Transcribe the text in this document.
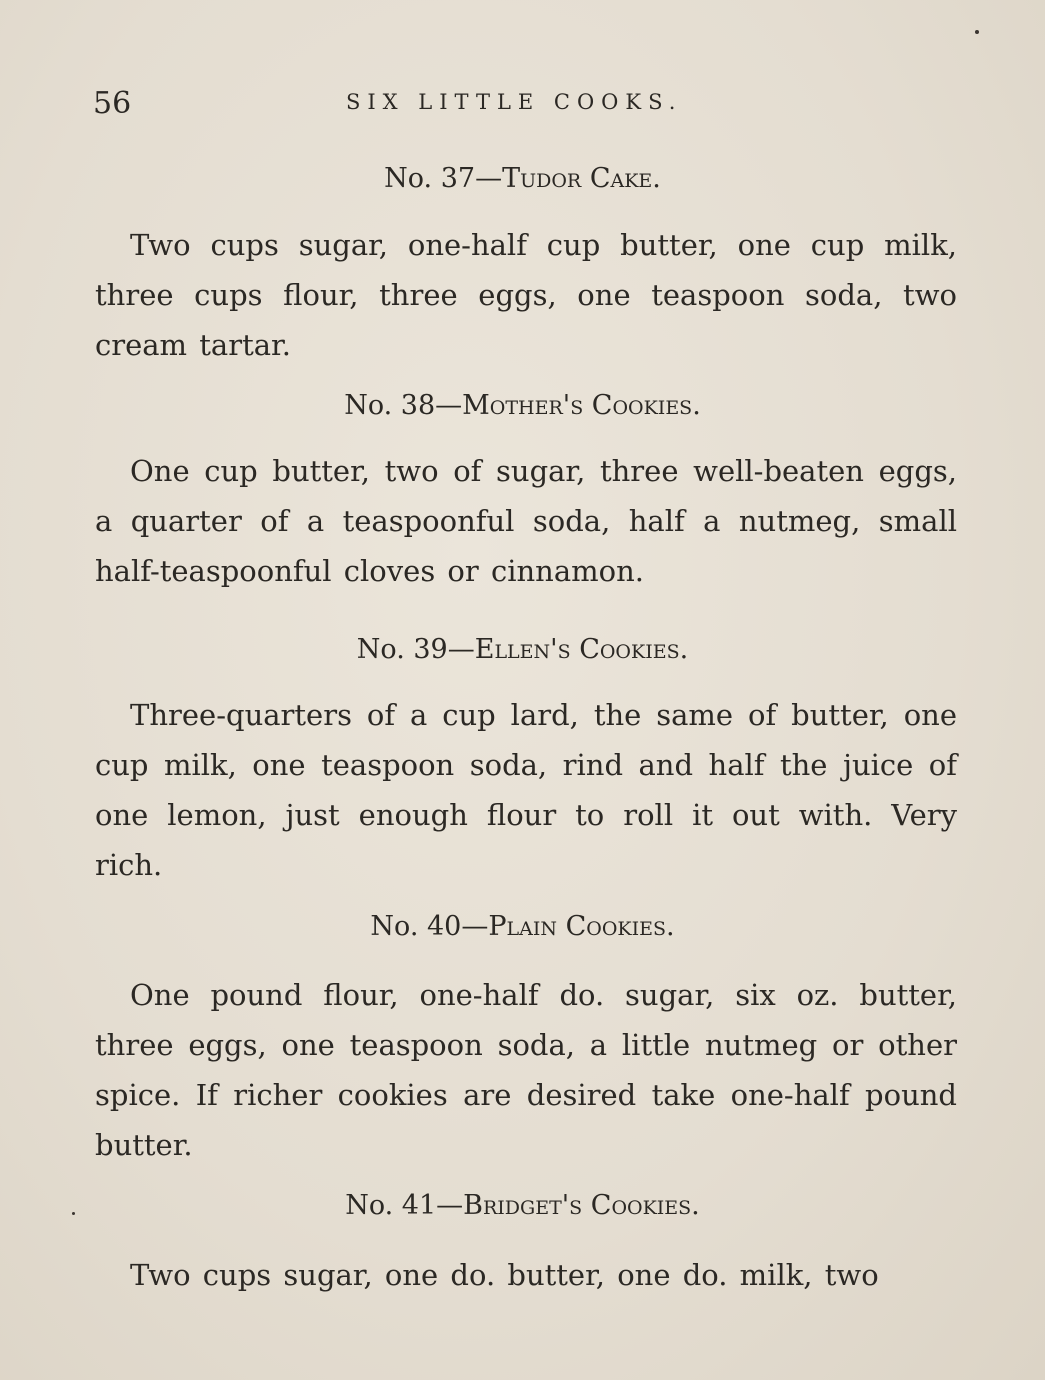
56	SIX LITTLE COOKS.
No. 37—Tudor Cake.
Two cups sugar, one-half cup butter, one cup milk, three cups flour, three eggs, one teaspoon soda, two cream tartar.
No. 38—Mother's Cookies.
One cup butter, two of sugar, three well-beaten eggs, a quarter of a teaspoonful soda, half a nutmeg, small half-teaspoonful cloves or cinnamon.
No. 39—Ellen's Cookies.
Three-quarters of a cup lard, the same of butter, one cup milk, one teaspoon soda, rind and half the juice of one lemon, just enough flour to roll it out with. Very rich.
No. 40—Plain Cookies.
One pound flour, one-half do. sugar, six oz. butter, three eggs, one teaspoon soda, a little nutmeg or other spice. If richer cookies are desired take one-half pound butter.
No. 41—Bridget's Cookies.
Two cups sugar, one do. butter, one do. milk, two
